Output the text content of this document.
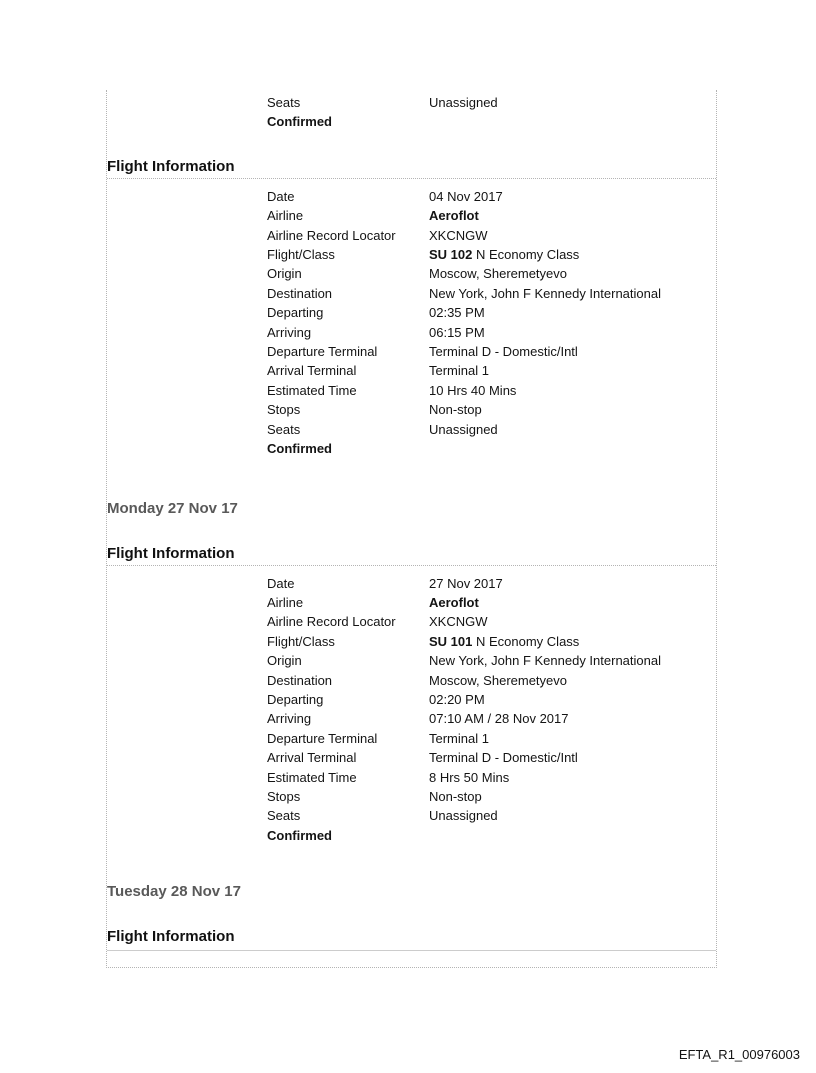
Seats	Unassigned
Confirmed
Flight Information
Date	04 Nov 2017
Airline	Aeroflot
Airline Record Locator	XKCNGW
Flight/Class	SU 102 N Economy Class
Origin	Moscow, Sheremetyevo
Destination	New York, John F Kennedy International
Departing	02:35 PM
Arriving	06:15 PM
Departure Terminal	Terminal D - Domestic/Intl
Arrival Terminal	Terminal 1
Estimated Time	10 Hrs 40 Mins
Stops	Non-stop
Seats	Unassigned
Confirmed
Monday 27 Nov 17
Flight Information
Date	27 Nov 2017
Airline	Aeroflot
Airline Record Locator	XKCNGW
Flight/Class	SU 101 N Economy Class
Origin	New York, John F Kennedy International
Destination	Moscow, Sheremetyevo
Departing	02:20 PM
Arriving	07:10 AM / 28 Nov 2017
Departure Terminal	Terminal 1
Arrival Terminal	Terminal D - Domestic/Intl
Estimated Time	8 Hrs 50 Mins
Stops	Non-stop
Seats	Unassigned
Confirmed
Tuesday 28 Nov 17
Flight Information
EFTA_R1_00976003
